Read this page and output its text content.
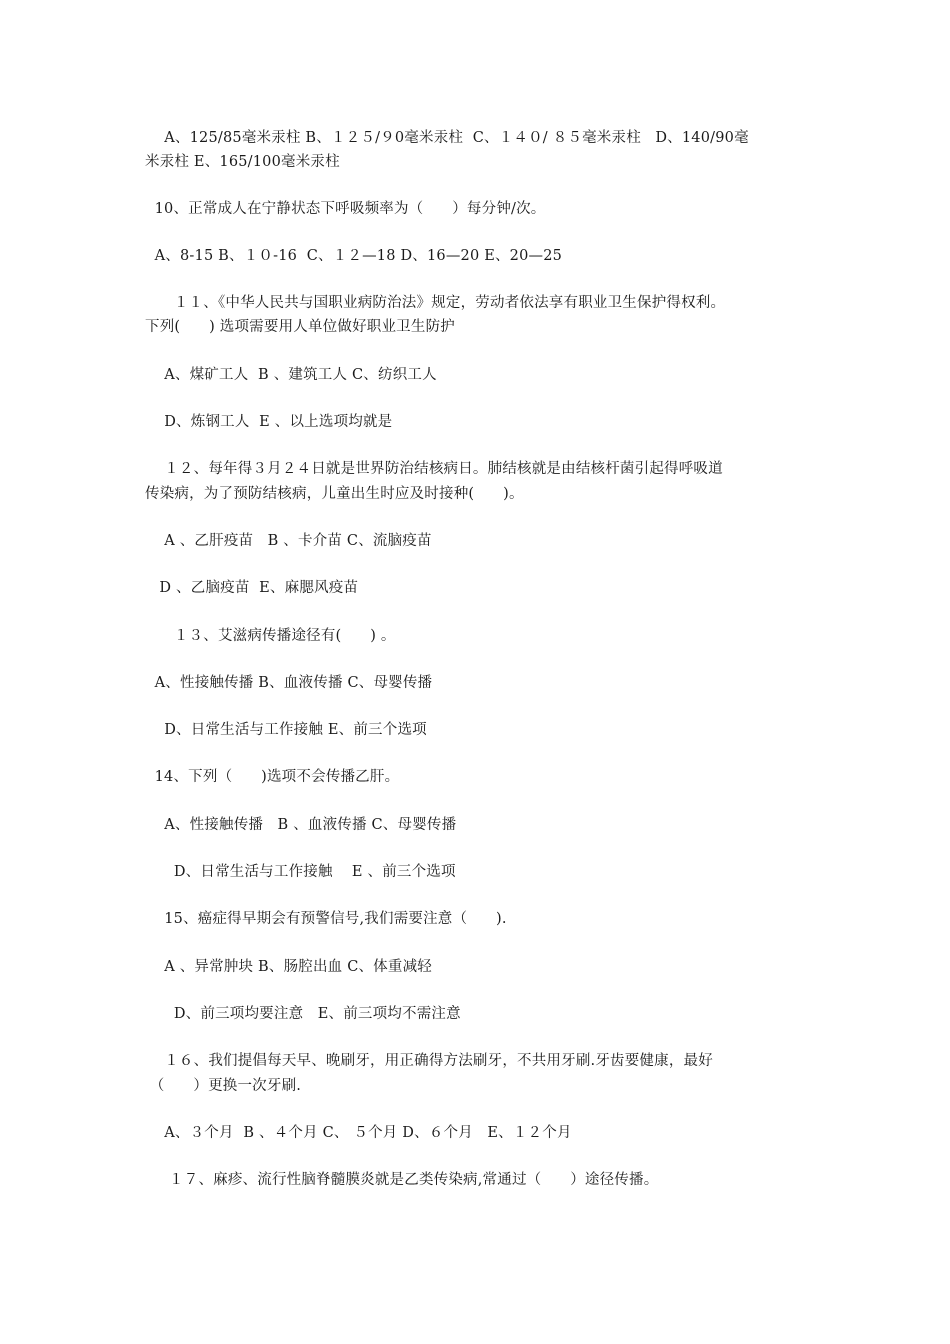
A、125/85毫米汞柱 B、１２５/９0毫米汞柱  C、１４０/ ８５毫米汞柱   D、140/90毫
米汞柱 E、165/100毫米汞柱
10、正常成人在宁静状态下呼吸频率为（      ）每分钟/次。
A、8-15 B、１０-16  C、１２—18 D、16—20 E、20—25
１１、《中华人民共与国职业病防治法》规定，劳动者依法享有职业卫生保护得权利。
下列(      ) 选项需要用人单位做好职业卫生防护
A、煤矿工人  B 、建筑工人 C、纺织工人
D、炼钢工人  E 、以上选项均就是
１２、每年得３月２４日就是世界防治结核病日。肺结核就是由结核杆菌引起得呼吸道
传染病，为了预防结核病，儿童出生时应及时接种(      )。
A 、乙肝疫苗   B 、卡介苗 C、流脑疫苗
D 、乙脑疫苗  E、麻腮风疫苗
１３、艾滋病传播途径有(      ) 。
A、性接触传播 B、血液传播 C、母婴传播
D、日常生活与工作接触 E、前三个选项
14、下列（      )选项不会传播乙肝。
A、性接触传播   B 、血液传播 C、母婴传播
D、日常生活与工作接触    E 、前三个选项
15、癌症得早期会有预警信号,我们需要注意（      ).
A 、异常肿块 B、肠腔出血 C、体重减轻
D、前三项均要注意   E、前三项均不需注意
１６、我们提倡每天早、晚刷牙，用正确得方法刷牙，不共用牙刷.牙齿要健康，最好
（      ）更换一次牙刷.
A、３个月  B 、４个月 C、 ５个月 D、６个月   E、１２个月
１７、麻疹、流行性脑脊髓膜炎就是乙类传染病,常通过（      ）途径传播。
